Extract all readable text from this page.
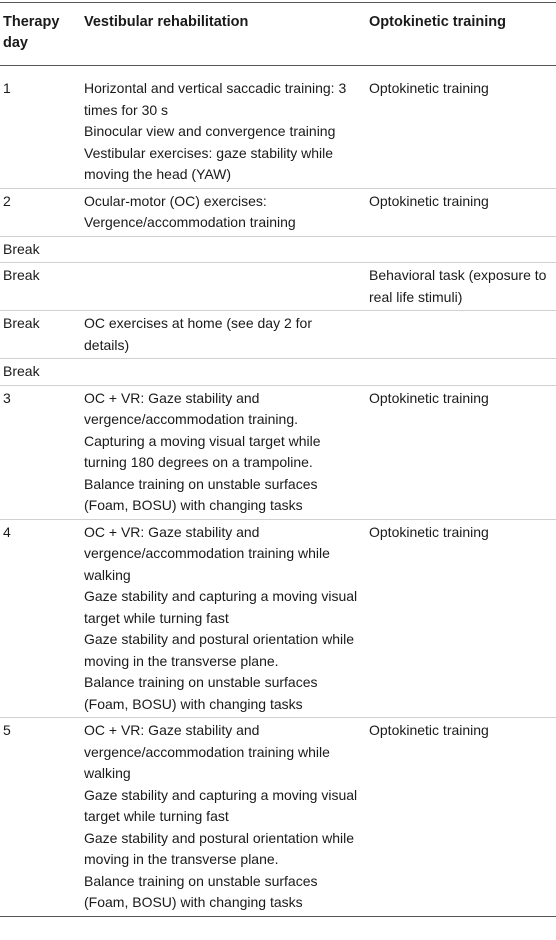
Therapy day	Vestibular rehabilitation	Optokinetic training
1	Horizontal and vertical saccadic training: 3 times for 30 s
Binocular view and convergence training
Vestibular exercises: gaze stability while moving the head (YAW)	Optokinetic training
2	Ocular-motor (OC) exercises: Vergence/accommodation training	Optokinetic training
Break		
Break		Behavioral task (exposure to real life stimuli)
Break	OC exercises at home (see day 2 for details)	

Break		
3	OC + VR: Gaze stability and vergence/accommodation training.
Capturing a moving visual target while turning 180 degrees on a trampoline.
Balance training on unstable surfaces (Foam, BOSU) with changing tasks	Optokinetic training
4	OC + VR: Gaze stability and vergence/accommodation training while walking
Gaze stability and capturing a moving visual target while turning fast
Gaze stability and postural orientation while moving in the transverse plane.
Balance training on unstable surfaces (Foam, BOSU) with changing tasks	Optokinetic training
5	OC + VR: Gaze stability and vergence/accommodation training while walking
Gaze stability and capturing a moving visual target while turning fast
Gaze stability and postural orientation while moving in the transverse plane.
Balance training on unstable surfaces (Foam, BOSU) with changing tasks	Optokinetic training
